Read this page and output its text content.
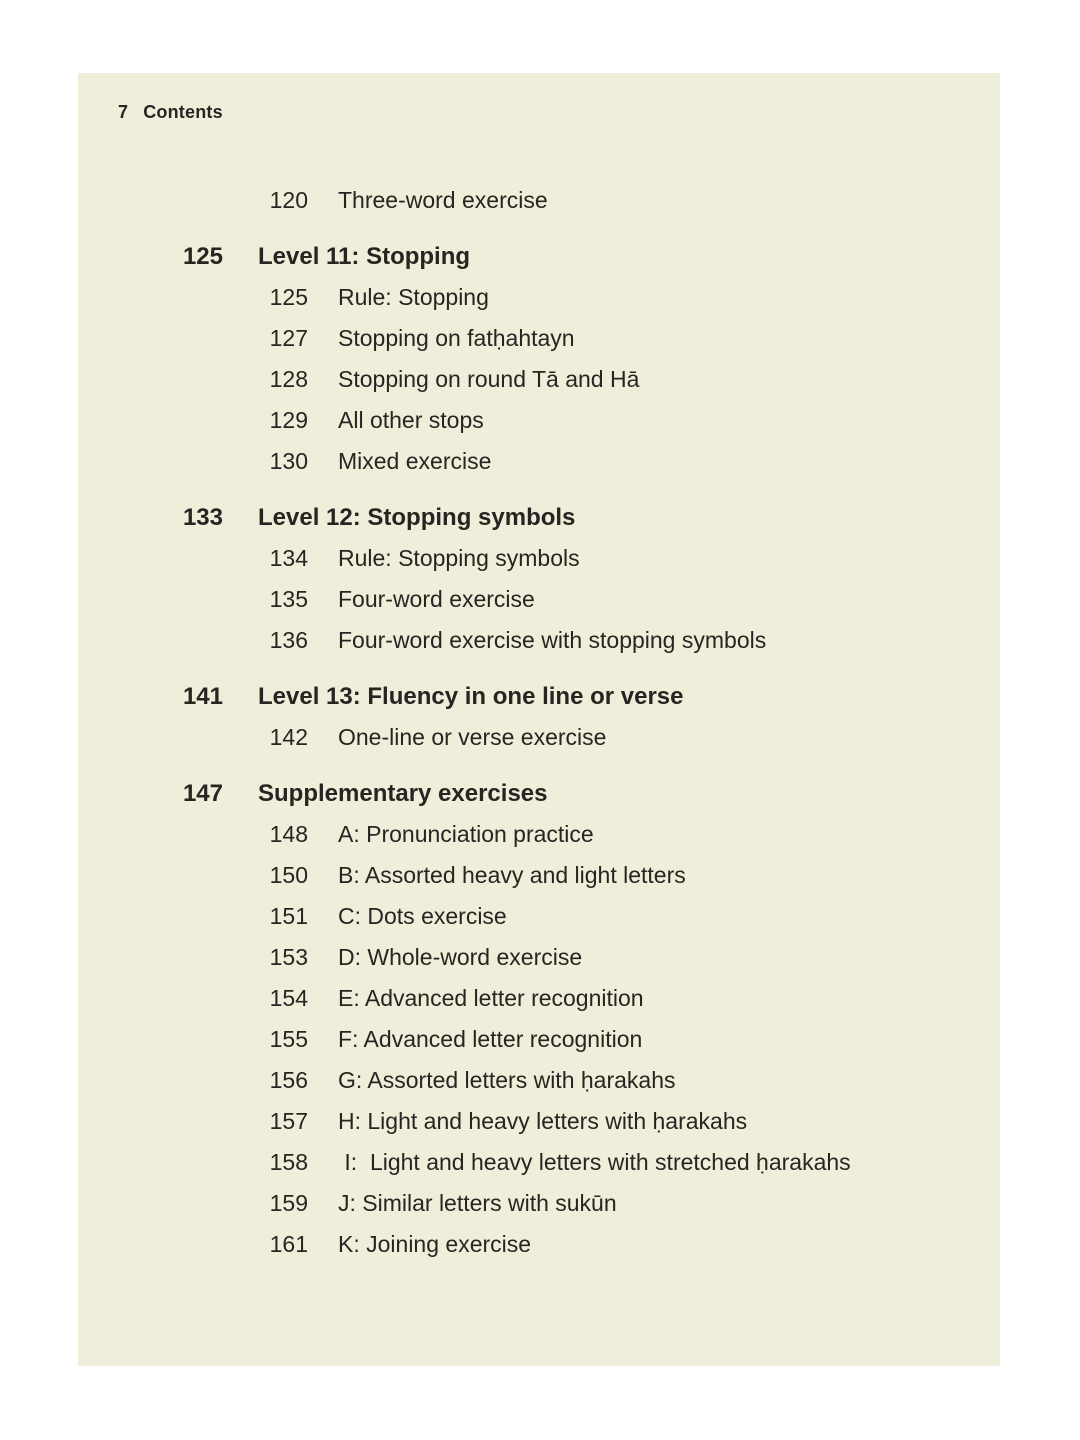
7 Contents
120 Three-word exercise
125 Level 11: Stopping
125 Rule: Stopping
127 Stopping on fatḥahtayn
128 Stopping on round Tā and Hā
129 All other stops
130 Mixed exercise
133 Level 12: Stopping symbols
134 Rule: Stopping symbols
135 Four-word exercise
136 Four-word exercise with stopping symbols
141 Level 13: Fluency in one line or verse
142 One-line or verse exercise
147 Supplementary exercises
148 A: Pronunciation practice
150 B: Assorted heavy and light letters
151 C: Dots exercise
153 D: Whole-word exercise
154 E: Advanced letter recognition
155 F: Advanced letter recognition
156 G: Assorted letters with ḥarakahs
157 H: Light and heavy letters with ḥarakahs
158 I:  Light and heavy letters with stretched ḥarakahs
159 J: Similar letters with sukūn
161 K: Joining exercise
